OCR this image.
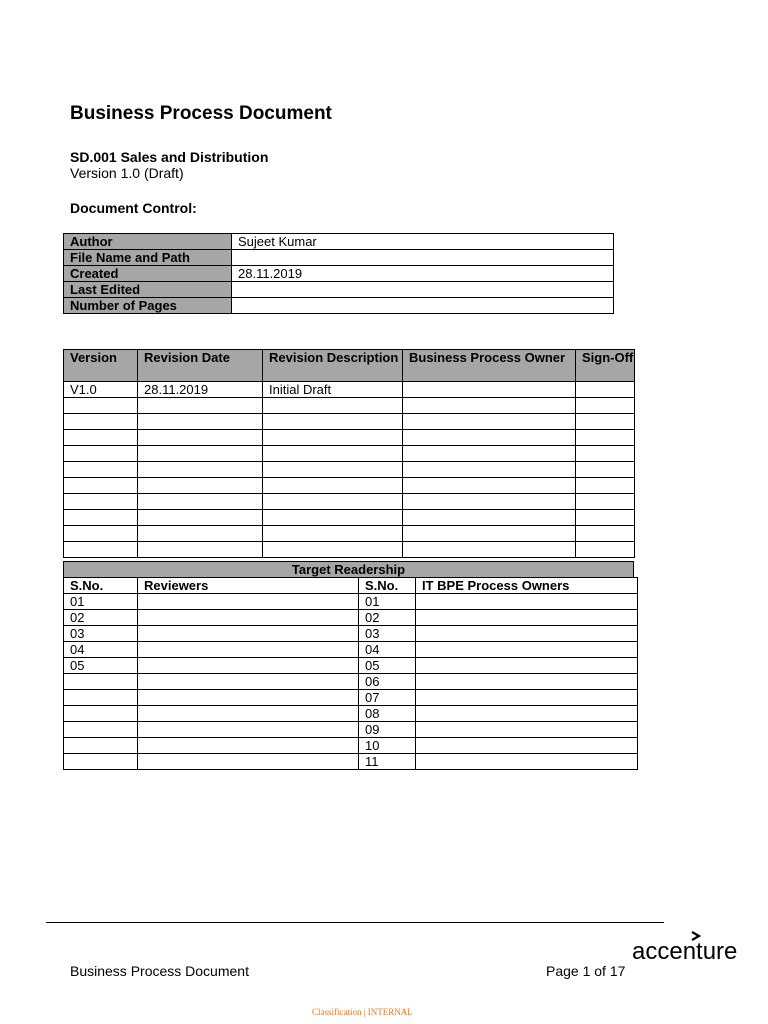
Business Process Document
SD.001 Sales and Distribution
Version 1.0 (Draft)
Document Control:
Author	Sujeet Kumar
File Name and Path	
Created	28.11.2019
Last Edited	
Number of Pages	
Version	Revision Date	Revision Description	Business Process Owner	Sign-Off
V1.0	28.11.2019	Initial Draft		

Target Readership
S.No.	Reviewers	S.No.	IT BPE Process Owners
01		01	
02		02	
03		03	
04		04	
05		05	
		06	
		07	
		08	
		09	
		10	
		11	
accenture
Business Process Document	Page 1 of 17
Classification | INTERNAL
